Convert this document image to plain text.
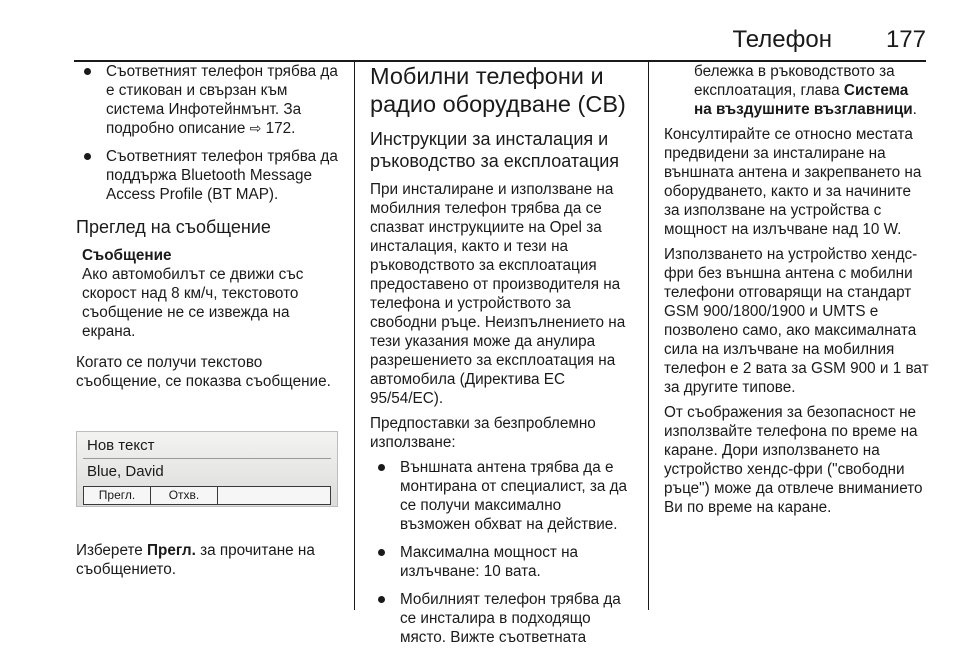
Телефон 177
Съответният телефон трябва да е стикован и свързан към система Инфотейнмънт. За подробно описание ⇨ 172.
Съответният телефон трябва да поддържа Bluetooth Message Access Profile (BT MAP).
Преглед на съобщение
Съобщение
Ако автомобилът се движи със скорост над 8 км/ч, текстовото съобщение не се извежда на екрана.

Когато се получи текстово съобщение, се показва съобщение.

Нов текст
Blue, David
Прегл.	Отхв.

Изберете Прегл. за прочитане на съобщението.

Мобилни телефони и радио оборудване (CB)
Инструкции за инсталация и ръководство за експлоатация

При инсталиране и използване на мобилния телефон трябва да се спазват инструкциите на Opel за инсталация, както и тези на ръководството за експлоатация предоставено от производителя на телефона и устройството за свободни ръце. Неизпълнението на тези указания може да анулира разрешението за експлоатация на автомобила (Директива EC 95/54/EC).

Предпоставки за безпроблемно използване:

Външната антена трябва да е монтирана от специалист, за да се получи максимално възможен обхват на действие.
Максимална мощност на излъчване: 10 вата.
Мобилният телефон трябва да се инсталира в подходящо място. Вижте съответната

бележка в ръководството за експлоатация, глава Система на въздушните възглавници.

Консултирайте се относно местата предвидени за инсталиране на външната антена и закрепването на оборудването, както и за начините за използване на устройства с мощност на излъчване над 10 W.

Използването на устройство хендс-фри без външна антена с мобилни телефони отговарящи на стандарт GSM 900/1800/1900 и UMTS е позволено само, ако максималната сила на излъчване на мобилния телефон е 2 вата за GSM 900 и 1 ват за другите типове.

От съображения за безопасност не използвайте телефона по време на каране. Дори използването на устройство хендс-фри ("свободни ръце") може да отвлече вниманието Ви по време на каране.
